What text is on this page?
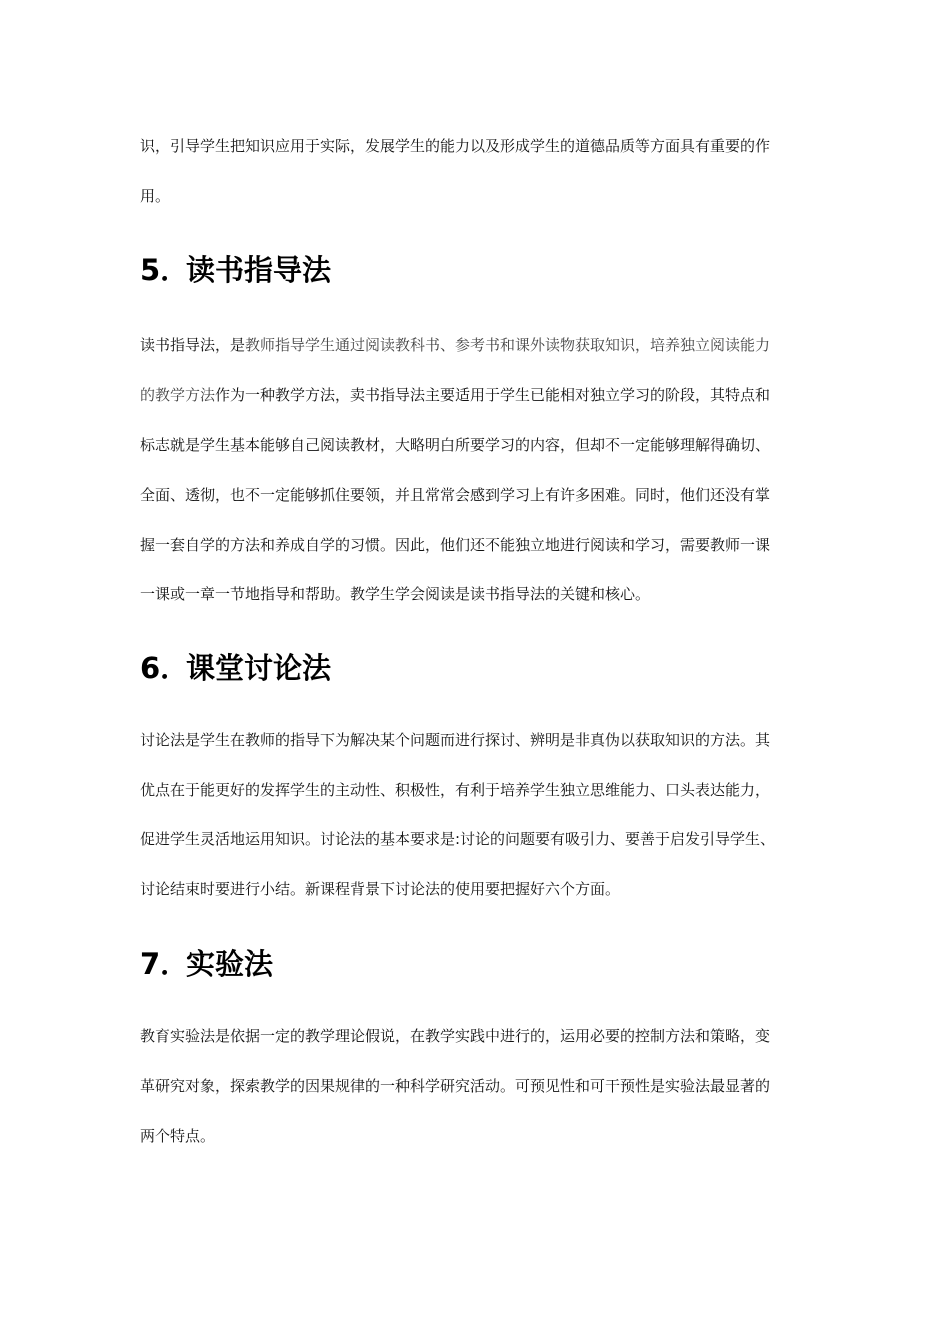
识，引导学生把知识应用于实际，发展学生的能力以及形成学生的道德品质等方面具有重要的作
用。
5．读书指导法
读书指导法，是教师指导学生通过阅读教科书、参考书和课外读物获取知识，培养独立阅读能力
的教学方法作为一种教学方法，卖书指导法主要适用于学生已能相对独立学习的阶段，其特点和
标志就是学生基本能够自己阅读教材，大略明白所要学习的内容，但却不一定能够理解得确切、
全面、透彻，也不一定能够抓住要领，并且常常会感到学习上有许多困难。同时，他们还没有掌
握一套自学的方法和养成自学的习惯。因此，他们还不能独立地进行阅读和学习，需要教师一课
一课或一章一节地指导和帮助。教学生学会阅读是读书指导法的关键和核心。
6．课堂讨论法
讨论法是学生在教师的指导下为解决某个问题而进行探讨、辨明是非真伪以获取知识的方法。其
优点在于能更好的发挥学生的主动性、积极性，有利于培养学生独立思维能力、口头表达能力，
促进学生灵活地运用知识。讨论法的基本要求是:讨论的问题要有吸引力、要善于启发引导学生、
讨论结束时要进行小结。新课程背景下讨论法的使用要把握好六个方面。
7．实验法
教育实验法是依据一定的教学理论假说，在教学实践中进行的，运用必要的控制方法和策略，变
革研究对象，探索教学的因果规律的一种科学研究活动。可预见性和可干预性是实验法最显著的
两个特点。
